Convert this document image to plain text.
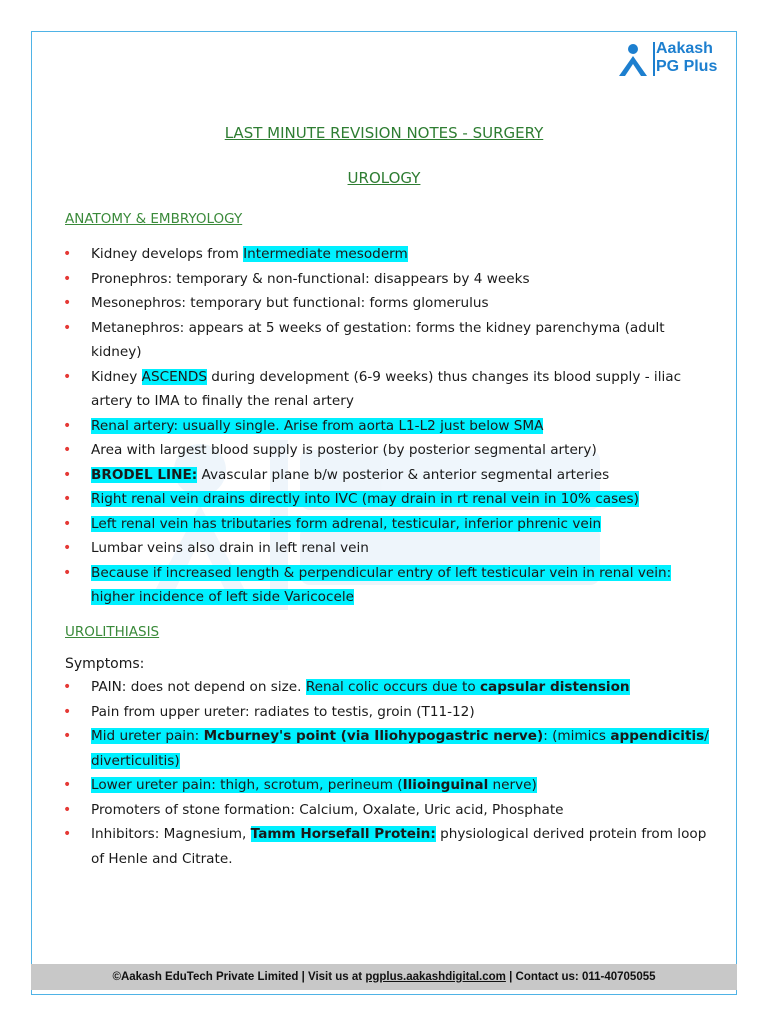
Aakash
PG Plus
LAST MINUTE REVISION NOTES - SURGERY
UROLOGY
ANATOMY & EMBRYOLOGY
• Kidney develops from Intermediate mesoderm
• Pronephros: temporary & non-functional: disappears by 4 weeks
• Mesonephros: temporary but functional: forms glomerulus
• Metanephros: appears at 5 weeks of gestation: forms the kidney parenchyma (adult kidney)
• Kidney ASCENDS during development (6-9 weeks) thus changes its blood supply - iliac artery to IMA to finally the renal artery
• Renal artery: usually single. Arise from aorta L1-L2 just below SMA
• Area with largest blood supply is posterior (by posterior segmental artery)
• BRODEL LINE: Avascular plane b/w posterior & anterior segmental arteries
• Right renal vein drains directly into IVC (may drain in rt renal vein in 10% cases)
• Left renal vein has tributaries form adrenal, testicular, inferior phrenic vein
• Lumbar veins also drain in left renal vein
• Because if increased length & perpendicular entry of left testicular vein in renal vein: higher incidence of left side Varicocele
UROLITHIASIS
Symptoms:
• PAIN: does not depend on size. Renal colic occurs due to capsular distension
• Pain from upper ureter: radiates to testis, groin (T11-12)
• Mid ureter pain: Mcburney's point (via Iliohypogastric nerve): (mimics appendicitis/ diverticulitis)
• Lower ureter pain: thigh, scrotum, perineum (Ilioinguinal nerve)
• Promoters of stone formation: Calcium, Oxalate, Uric acid, Phosphate
• Inhibitors: Magnesium, Tamm Horsefall Protein: physiological derived protein from loop of Henle and Citrate.
©Aakash EduTech Private Limited | Visit us at pgplus.aakashdigital.com | Contact us: 011-40705055
